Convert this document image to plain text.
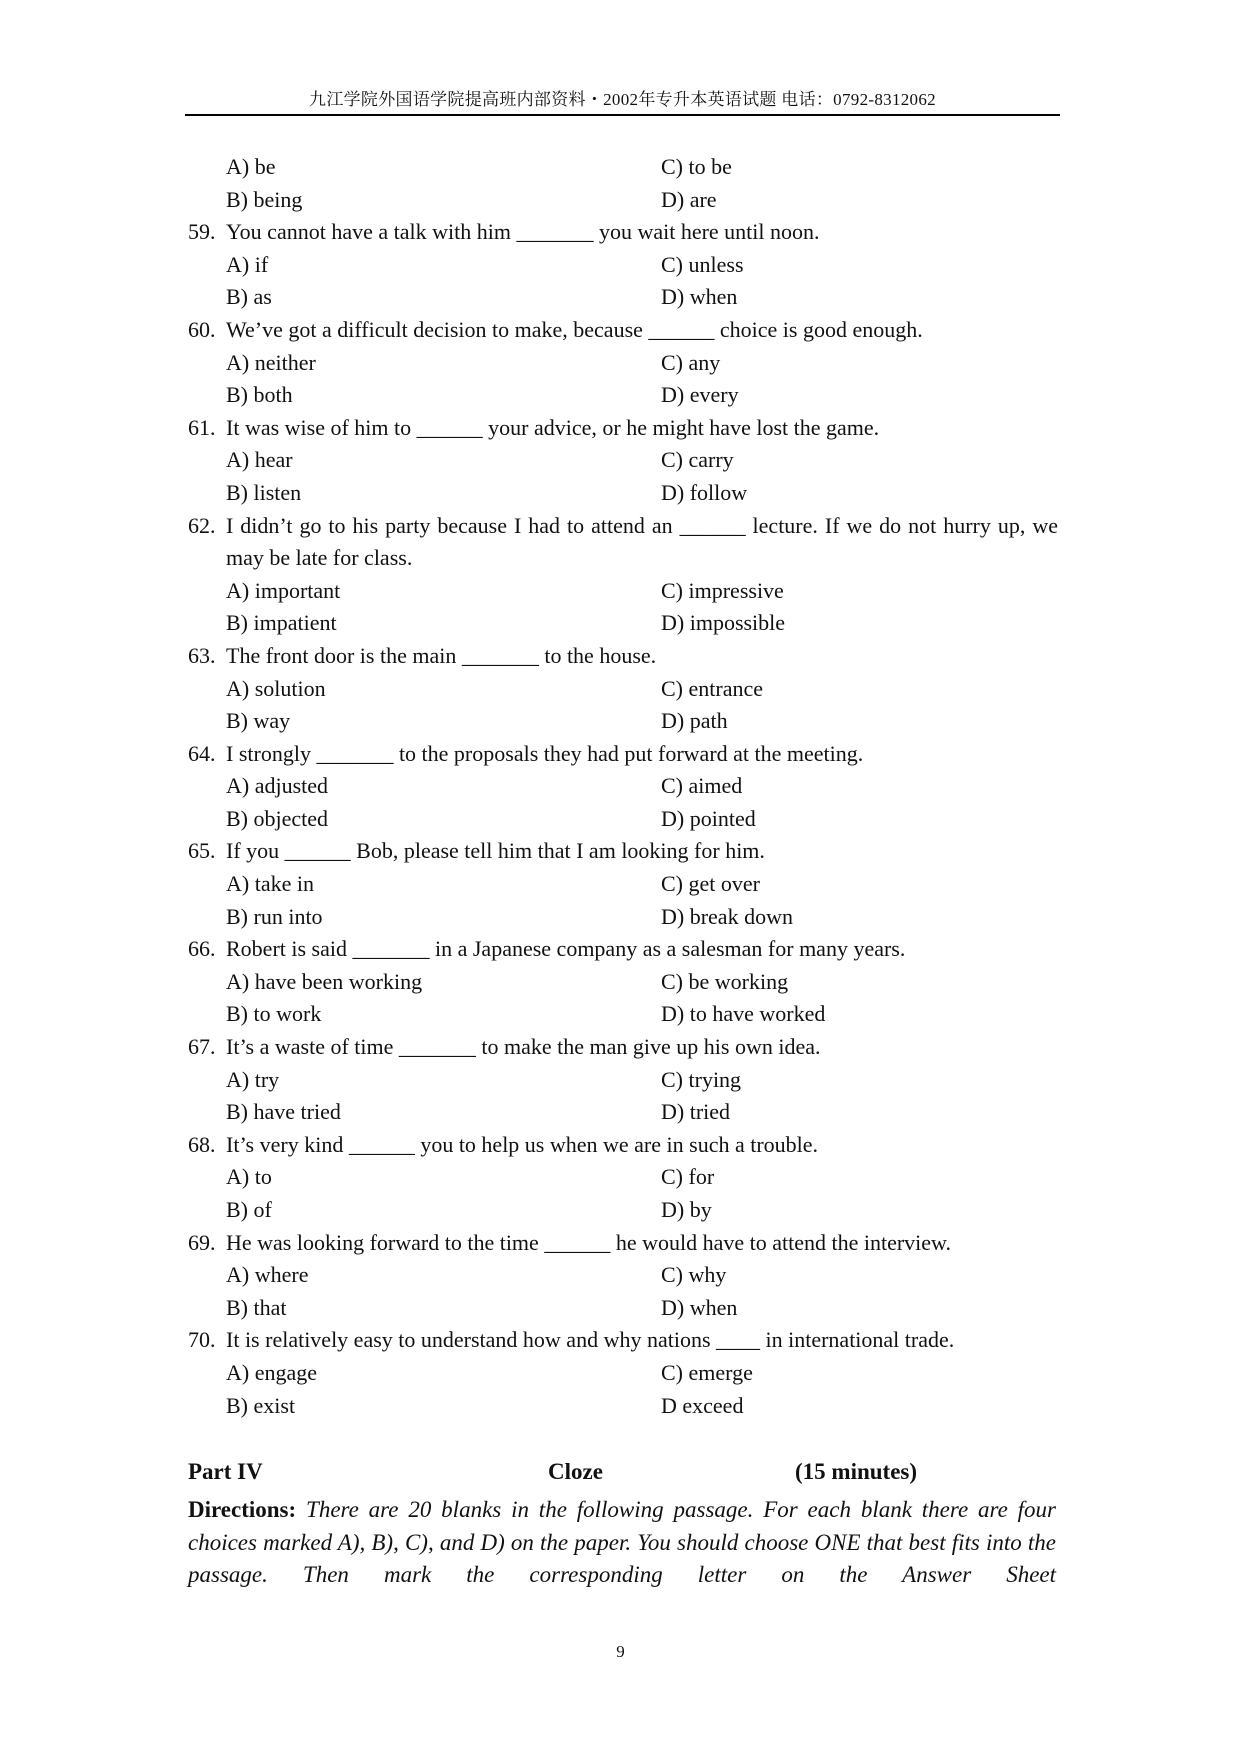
九江学院外国语学院提高班内部资料・2002年专升本英语试题 电话：0792-8312062
A) be	C) to be
B) being	D) are
59. You cannot have a talk with him _______ you wait here until noon.
A) if	C) unless
B) as	D) when
60. We’ve got a difficult decision to make, because ______ choice is good enough.
A) neither	C) any
B) both	D) every
61. It was wise of him to ______ your advice, or he might have lost the game.
A) hear	C) carry
B) listen	D) follow
62. I didn’t go to his party because I had to attend an ______ lecture. If we do not hurry up, we may be late for class.
A) important	C) impressive
B) impatient	D) impossible
63. The front door is the main _______ to the house.
A) solution	C) entrance
B) way	D) path
64. I strongly _______ to the proposals they had put forward at the meeting.
A) adjusted	C) aimed
B) objected	D) pointed
65. If you ______ Bob, please tell him that I am looking for him.
A) take in	C) get over
B) run into	D) break down
66. Robert is said _______ in a Japanese company as a salesman for many years.
A) have been working	C) be working
B) to work	D) to have worked
67. It’s a waste of time _______ to make the man give up his own idea.
A) try	C) trying
B) have tried	D) tried
68. It’s very kind ______ you to help us when we are in such a trouble.
A) to	C) for
B) of	D) by
69. He was looking forward to the time ______ he would have to attend the interview.
A) where	C) why
B) that	D) when
70. It is relatively easy to understand how and why nations ____ in international trade.
A) engage	C) emerge
B) exist	D exceed
Part IV	Cloze	(15 minutes)
Directions: There are 20 blanks in the following passage. For each blank there are four choices marked A), B), C), and D) on the paper. You should choose ONE that best fits into the passage. Then mark the corresponding letter on the Answer Sheet
9
